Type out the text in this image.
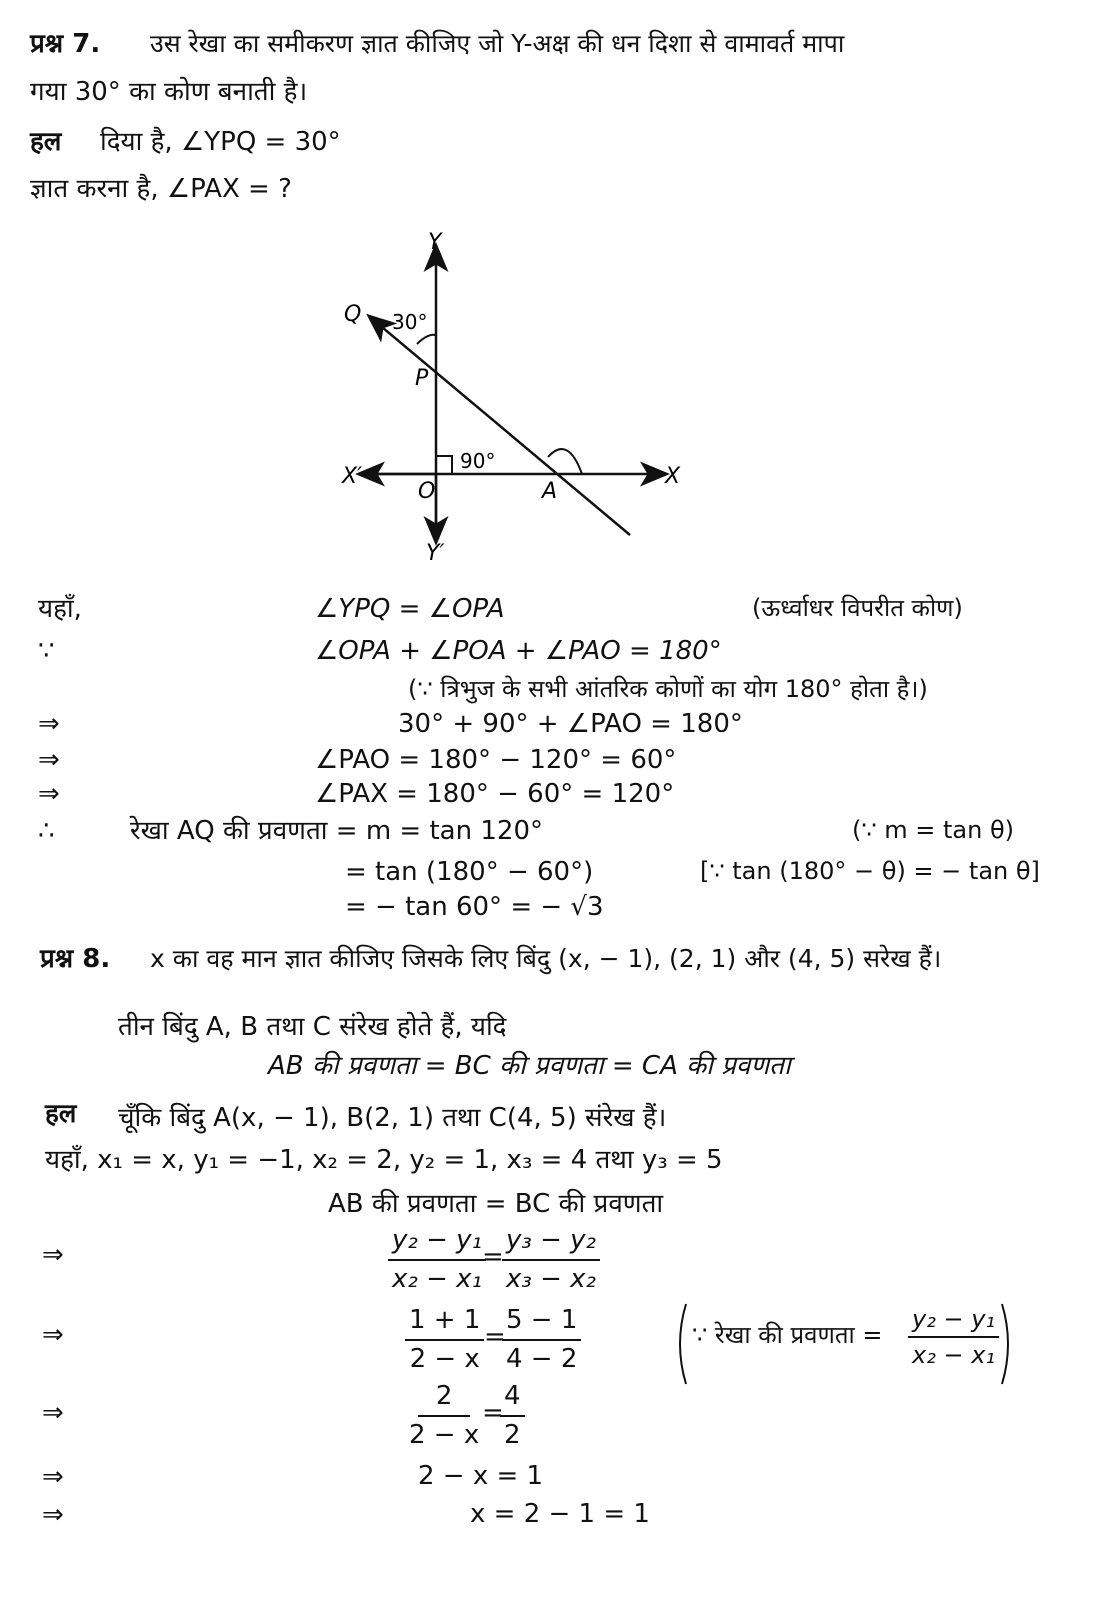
प्रश्न 7. उस रेखा का समीकरण ज्ञात कीजिए जो Y-अक्ष की धन दिशा से वामावर्त मापा
गया 30° का कोण बनाती है।
हल दिया है, ∠YPQ = 30°
ज्ञात करना है, ∠PAX = ?
Y
Y′
X
X′
O
P
Q
A
30°
90°
यहाँ,	∠YPQ = ∠OPA	(ऊर्ध्वाधर विपरीत कोण)
∵	∠OPA + ∠POA + ∠PAO = 180°
(∵ त्रिभुज के सभी आंतरिक कोणों का योग 180° होता है।)
⇒	30° + 90° + ∠PAO = 180°
⇒	∠PAO = 180° − 120° = 60°
⇒	∠PAX = 180° − 60° = 120°
∴	रेखा AQ की प्रवणता = m = tan 120°	(∵ m = tan θ)
= tan (180° − 60°)	[∵ tan (180° − θ) = − tan θ]
= − tan 60° = − √3
प्रश्न 8. x का वह मान ज्ञात कीजिए जिसके लिए बिंदु (x, − 1), (2, 1) और (4, 5) सरेख हैं।
तीन बिंदु A, B तथा C संरेख होते हैं, यदि
AB की प्रवणता = BC की प्रवणता = CA की प्रवणता
हल चूँकि बिंदु A(x, − 1), B(2, 1) तथा C(4, 5) संरेख हैं।
यहाँ, x₁ = x, y₁ = −1, x₂ = 2, y₂ = 1, x₃ = 4 तथा y₃ = 5
AB की प्रवणता = BC की प्रवणता
⇒	$\frac{\text{y₂ − y₁}}{\text{x₂ − x₁}}$
=
$\frac{\text{y₃ − y₂}}{\text{x₃ − x₂}}$
⇒	$\frac{1 + 1}{2 - x}$ =
$\frac{5 - 1}{4 - 2}$	∵ रेखा की प्रवणता = $\frac{\text{y₂ − y₁}}{\text{x₂ − x₁}}$
⇒	$\frac{2}{2 - x}$
=
$\frac{4}{2}$
⇒	2 − x = 1
⇒	x = 2 − 1 = 1
